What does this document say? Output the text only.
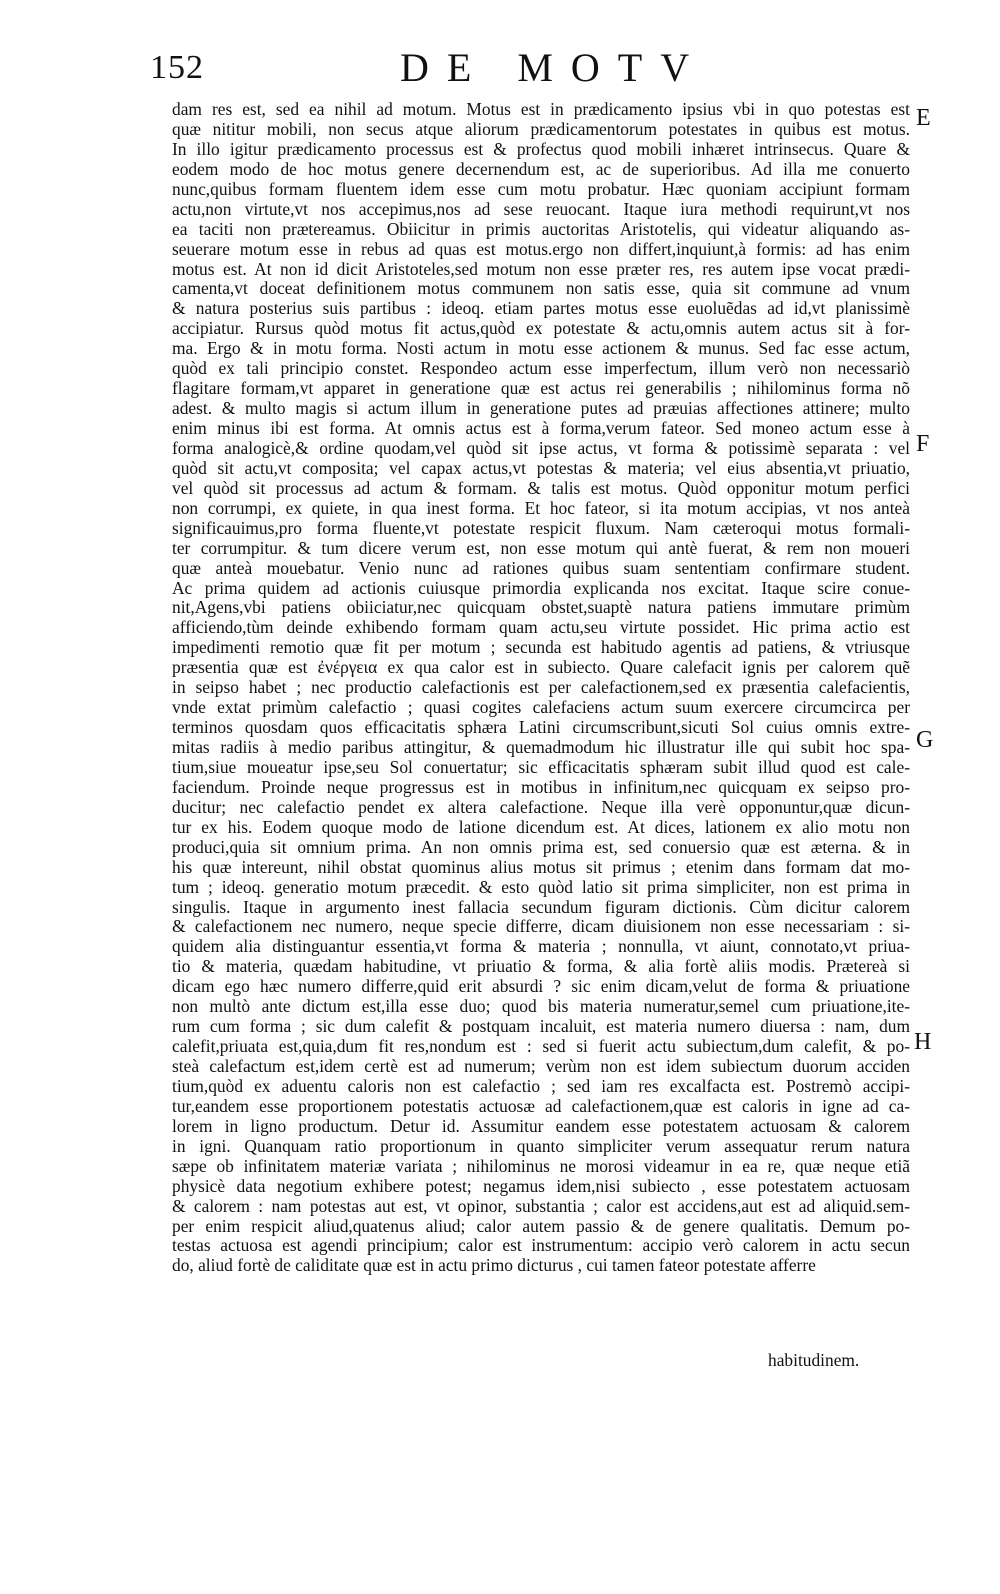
152	DE MOTV
dam res est, sed ea nihil ad motum. Motus est in prædicamento ipsius vbi in quo potestas est
quæ nititur mobili, non secus atque aliorum prædicamentorum potestates in quibus est motus.
In illo igitur prædicamento processus est & profectus quod mobili inhæret intrinsecus. Quare &
eodem modo de hoc motus genere decernendum est, ac de superioribus. Ad illa me conuerto
nunc,quibus formam fluentem idem esse cum motu probatur. Hæc quoniam accipiunt formam
actu,non virtute,vt nos accepimus,nos ad sese reuocant. Itaque iura methodi requirunt,vt nos
ea taciti non prætereamus. Obiicitur in primis auctoritas Aristotelis, qui videatur aliquando as-
seuerare motum esse in rebus ad quas est motus.ergo non differt,inquiunt,à formis: ad has enim
motus est. At non id dicit Aristoteles,sed motum non esse præter res, res autem ipse vocat prædi-
camenta,vt doceat definitionem motus communem non satis esse, quia sit commune ad vnum
& natura posterius suis partibus : ideoq. etiam partes motus esse euoluẽdas ad id,vt planissimè
accipiatur. Rursus quòd motus fit actus,quòd ex potestate & actu,omnis autem actus sit à for-
ma. Ergo & in motu forma. Nosti actum in motu esse actionem & munus. Sed fac esse actum,
quòd ex tali principio constet. Respondeo actum esse imperfectum, illum verò non necessariò
flagitare formam,vt apparet in generatione quæ est actus rei generabilis ; nihilominus forma nõ
adest. & multo magis si actum illum in generatione putes ad præuias affectiones attinere; multo
enim minus ibi est forma. At omnis actus est à forma,verum fateor. Sed moneo actum esse à
forma analogicè,& ordine quodam,vel quòd sit ipse actus, vt forma & potissimè separata : vel
quòd sit actu,vt composita; vel capax actus,vt potestas & materia; vel eius absentia,vt priuatio,
vel quòd sit processus ad actum & formam. & talis est motus. Quòd opponitur motum perfici
non corrumpi, ex quiete, in qua inest forma. Et hoc fateor, si ita motum accipias, vt nos anteà
significauimus,pro forma fluente,vt potestate respicit fluxum. Nam cæteroqui motus formali-
ter corrumpitur. & tum dicere verum est, non esse motum qui antè fuerat, & rem non moueri
quæ anteà mouebatur. Venio nunc ad rationes quibus suam sententiam confirmare student.
Ac prima quidem ad actionis cuiusque primordia explicanda nos excitat. Itaque scire conue-
nit,Agens,vbi patiens obiiciatur,nec quicquam obstet,suaptè natura patiens immutare primùm
afficiendo,tùm deinde exhibendo formam quam actu,seu virtute possidet. Hic prima actio est
impedimenti remotio quæ fit per motum ; secunda est habitudo agentis ad patiens, & vtriusque
præsentia quæ est ἐνέργεια ex qua calor est in subiecto. Quare calefacit ignis per calorem quẽ
in seipso habet ; nec productio calefactionis est per calefactionem,sed ex præsentia calefacientis,
vnde extat primùm calefactio ; quasi cogites calefaciens actum suum exercere circumcirca per
terminos quosdam quos efficacitatis sphæra Latini circumscribunt,sicuti Sol cuius omnis extre-
mitas radiis à medio paribus attingitur, & quemadmodum hic illustratur ille qui subit hoc spa-
tium,siue moueatur ipse,seu Sol conuertatur; sic efficacitatis sphæram subit illud quod est cale-
faciendum. Proinde neque progressus est in motibus in infinitum,nec quicquam ex seipso pro-
ducitur; nec calefactio pendet ex altera calefactione. Neque illa verè opponuntur,quæ dicun-
tur ex his. Eodem quoque modo de latione dicendum est. At dices, lationem ex alio motu non
produci,quia sit omnium prima. An non omnis prima est, sed conuersio quæ est æterna. & in
his quæ intereunt, nihil obstat quominus alius motus sit primus ; etenim dans formam dat mo-
tum ; ideoq. generatio motum præcedit. & esto quòd latio sit prima simpliciter, non est prima in
singulis. Itaque in argumento inest fallacia secundum figuram dictionis. Cùm dicitur calorem
& calefactionem nec numero, neque specie differre, dicam diuisionem non esse necessariam : si-
quidem alia distinguantur essentia,vt forma & materia ; nonnulla, vt aiunt, connotato,vt priua-
tio & materia, quædam habitudine, vt priuatio & forma, & alia fortè aliis modis. Prætereà si
dicam ego hæc numero differre,quid erit absurdi ? sic enim dicam,velut de forma & priuatione
non multò ante dictum est,illa esse duo; quod bis materia numeratur,semel cum priuatione,ite-
rum cum forma ; sic dum calefit & postquam incaluit, est materia numero diuersa : nam, dum
calefit,priuata est,quia,dum fit res,nondum est : sed si fuerit actu subiectum,dum calefit, & po-
steà calefactum est,idem certè est ad numerum; verùm non est idem subiectum duorum acciden
tium,quòd ex aduentu caloris non est calefactio ; sed iam res excalfacta est. Postremò accipi-
tur,eandem esse proportionem potestatis actuosæ ad calefactionem,quæ est caloris in igne ad ca-
lorem in ligno productum. Detur id. Assumitur eandem esse potestatem actuosam & calorem
in igni. Quanquam ratio proportionum in quanto simpliciter verum assequatur rerum natura
sæpe ob infinitatem materiæ variata ; nihilominus ne morosi videamur in ea re, quæ neque etiã
physicè data negotium exhibere potest; negamus idem,nisi subiecto , esse potestatem actuosam
& calorem : nam potestas aut est, vt opinor, substantia ; calor est accidens,aut est ad aliquid.sem-
per enim respicit aliud,quatenus aliud; calor autem passio & de genere qualitatis. Demum po-
testas actuosa est agendi principium; calor est instrumentum: accipio verò calorem in actu secun
do, aliud fortè de caliditate quæ est in actu primo dicturus , cui tamen fateor potestate afferre
E
F
G
H
habitudinem.
